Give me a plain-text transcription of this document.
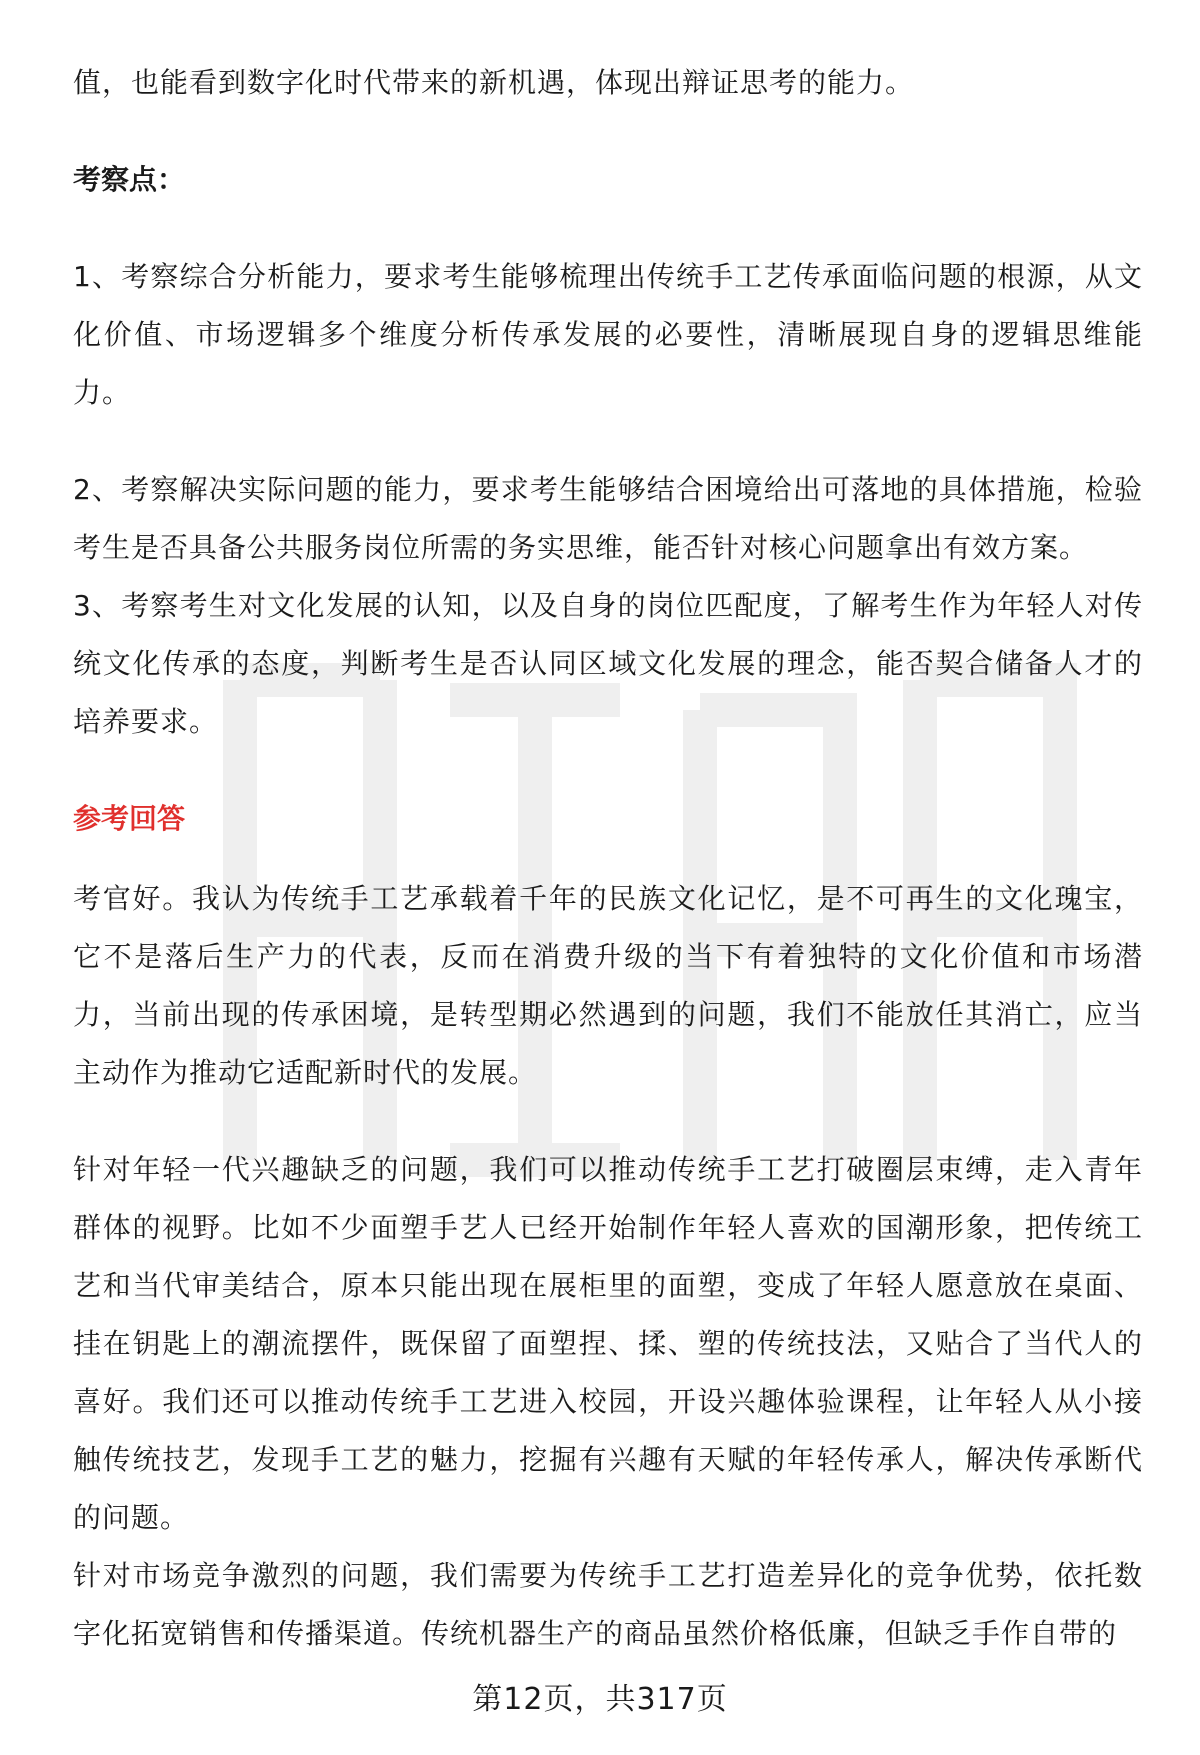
值，也能看到数字化时代带来的新机遇，体现出辩证思考的能力。

考察点：

1、考察综合分析能力，要求考生能够梳理出传统手工艺传承面临问题的根源，从文化价值、市场逻辑多个维度分析传承发展的必要性，清晰展现自身的逻辑思维能力。

2、考察解决实际问题的能力，要求考生能够结合困境给出可落地的具体措施，检验考生是否具备公共服务岗位所需的务实思维，能否针对核心问题拿出有效方案。

3、考察考生对文化发展的认知，以及自身的岗位匹配度，了解考生作为年轻人对传统文化传承的态度，判断考生是否认同区域文化发展的理念，能否契合储备人才的培养要求。

参考回答

考官好。我认为传统手工艺承载着千年的民族文化记忆，是不可再生的文化瑰宝，它不是落后生产力的代表，反而在消费升级的当下有着独特的文化价值和市场潜力，当前出现的传承困境，是转型期必然遇到的问题，我们不能放任其消亡，应当主动作为推动它适配新时代的发展。

针对年轻一代兴趣缺乏的问题，我们可以推动传统手工艺打破圈层束缚，走入青年群体的视野。比如不少面塑手艺人已经开始制作年轻人喜欢的国潮形象，把传统工艺和当代审美结合，原本只能出现在展柜里的面塑，变成了年轻人愿意放在桌面、挂在钥匙上的潮流摆件，既保留了面塑捏、揉、塑的传统技法，又贴合了当代人的喜好。我们还可以推动传统手工艺进入校园，开设兴趣体验课程，让年轻人从小接触传统技艺，发现手工艺的魅力，挖掘有兴趣有天赋的年轻传承人，解决传承断代的问题。

针对市场竞争激烈的问题，我们需要为传统手工艺打造差异化的竞争优势，依托数字化拓宽销售和传播渠道。传统机器生产的商品虽然价格低廉，但缺乏手作自带的

第12页，共317页
